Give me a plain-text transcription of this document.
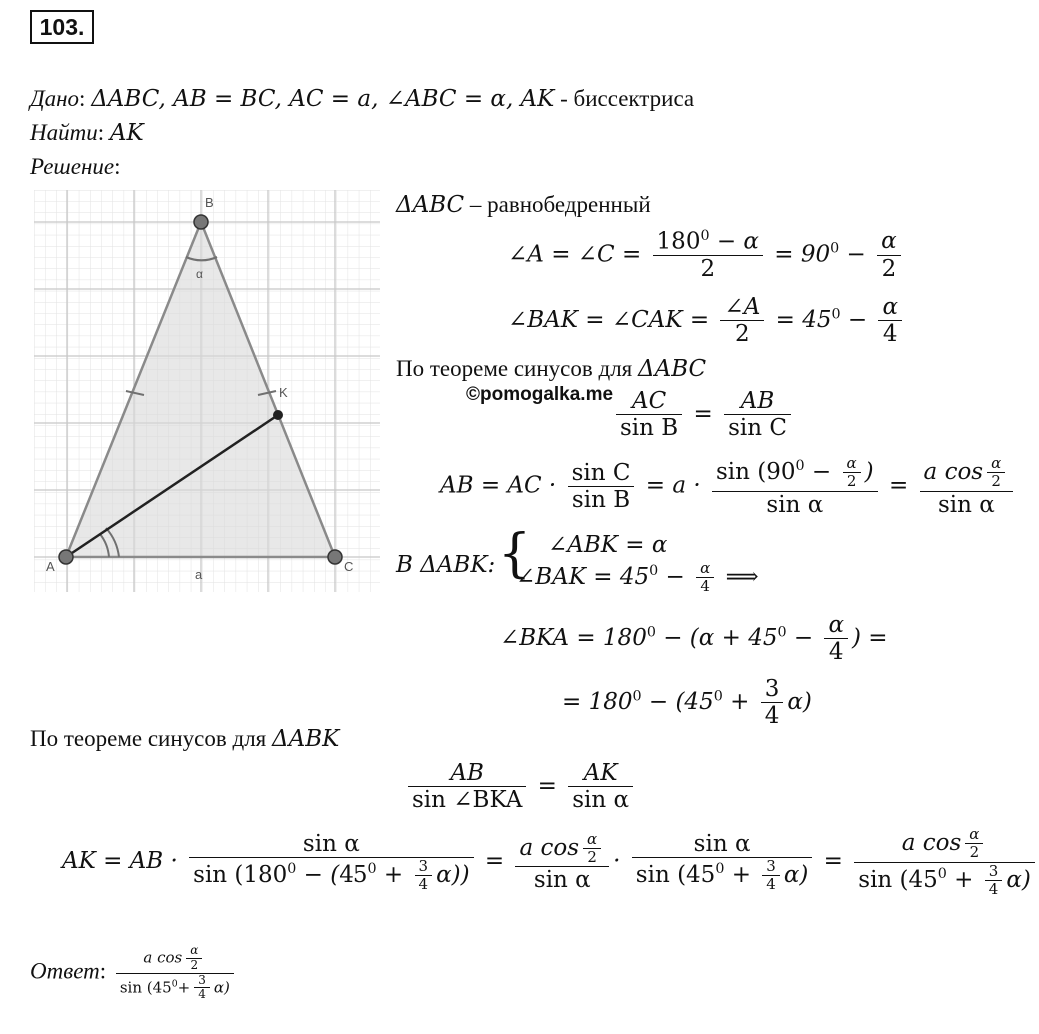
103.
Дано: ΔABC, AB = BC, AC = a, ∠ABC = α, AK - биссектриса
Найти: AK
Решение:
B
α
K
A	C
a
ΔABC – равнобедренный
∠A = ∠C = $\frac{180^0 - \alpha}{2} = 90^0 - \frac{\alpha}{2}$
∠BAK = ∠CAK = $\frac{\angle A}{2} = 45^0 - \frac{\alpha}{4}$
По теореме синусов для ΔABC
©pomogalka.me $\frac{AC}{\text{sin B}} = \frac{AB}{\text{sin C}}$
AB = AC · $\frac{\text{sin C}}{\text{sin B}} = a \cdot \frac{\sin (90^0 - \frac{\alpha}{2} )}{\text{sin α}} = \frac{a \cos \frac{\alpha}{2}}{\text{sin α}}$
В ΔABK: { ∠ABK = α
∠BAK = $45^0 - \frac{\alpha}{4}$ ⟹
∠BKA = $180^0 - (\alpha + 45^0 - \frac{\alpha}{4}$ ) =
= $180^0 - (45^0 + \frac{3}{4} \alpha)$
По теореме синусов для ΔABK
$\frac{AB}{\text{sin ∠BKA}} = \frac{AK}{\text{sin α}}$
AK = AB · $\frac{\text{sin α}}{\sin (180^0 - (45^0 + \frac{3}{4} \alpha))} = \frac{a \cos \frac{\alpha}{2}}{\text{sin α}} \cdot \frac{\text{sin α}}{\sin (45^0 + \frac{3}{4} \alpha)} = \frac{a \cos \frac{\alpha}{2}}{\sin (45^0 + \frac{3}{4} \alpha)}$
Ответ: $\frac{a \cos \frac{\alpha}{2}}{\sin (45^0+ \frac{3}{4} \alpha)}$
